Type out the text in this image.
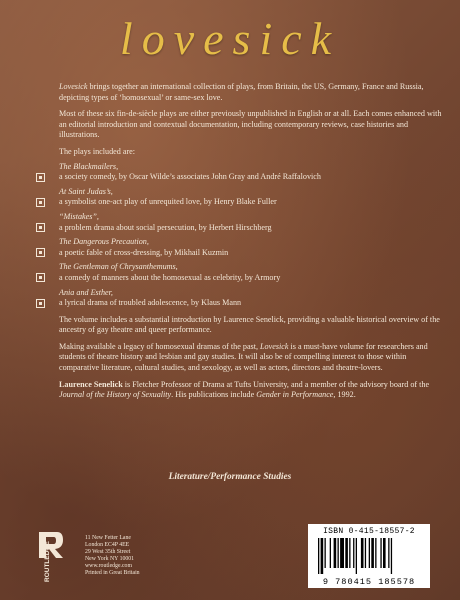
lovesick

Lovesick brings together an international collection of plays, from Britain, the US, Germany, France and Russia, depicting types of ‘homosexual’ or same-sex love.

Most of these six fin-de-siècle plays are either previously unpublished in English or at all. Each comes enhanced with an editorial introduction and contextual documentation, including contemporary reviews, case histories and illustrations.

The plays included are:

The Blackmailers,
a society comedy, by Oscar Wilde’s associates John Gray and André Raffalovich
At Saint Judas’s,
a symbolist one-act play of unrequited love, by Henry Blake Fuller
“Mistakes”,
a problem drama about social persecution, by Herbert Hirschberg
The Dangerous Precaution,
a poetic fable of cross-dressing, by Mikhail Kuzmin
The Gentleman of Chrysanthemums,
a comedy of manners about the homosexual as celebrity, by Armory
Ania and Esther,
a lyrical drama of troubled adolescence, by Klaus Mann

The volume includes a substantial introduction by Laurence Senelick, providing a valuable historical overview of the ancestry of gay theatre and queer performance.

Making available a legacy of homosexual dramas of the past, Lovesick is a must-have volume for researchers and students of theatre history and lesbian and gay studies. It will also be of compelling interest to those within comparative literature, cultural studies, and sexology, as well as actors, directors and theatre-lovers.

Laurence Senelick is Fletcher Professor of Drama at Tufts University, and a member of the advisory board of the Journal of the History of Sexuality. His publications include Gender in Performance, 1992.

Literature/Performance Studies
ROUTLEDGE
11 New Fetter Lane
London EC4P 4EE
29 West 35th Street
New York NY 10001
www.routledge.com
Printed in Great Britain
ISBN 0-415-18557-2
9 780415 185578
